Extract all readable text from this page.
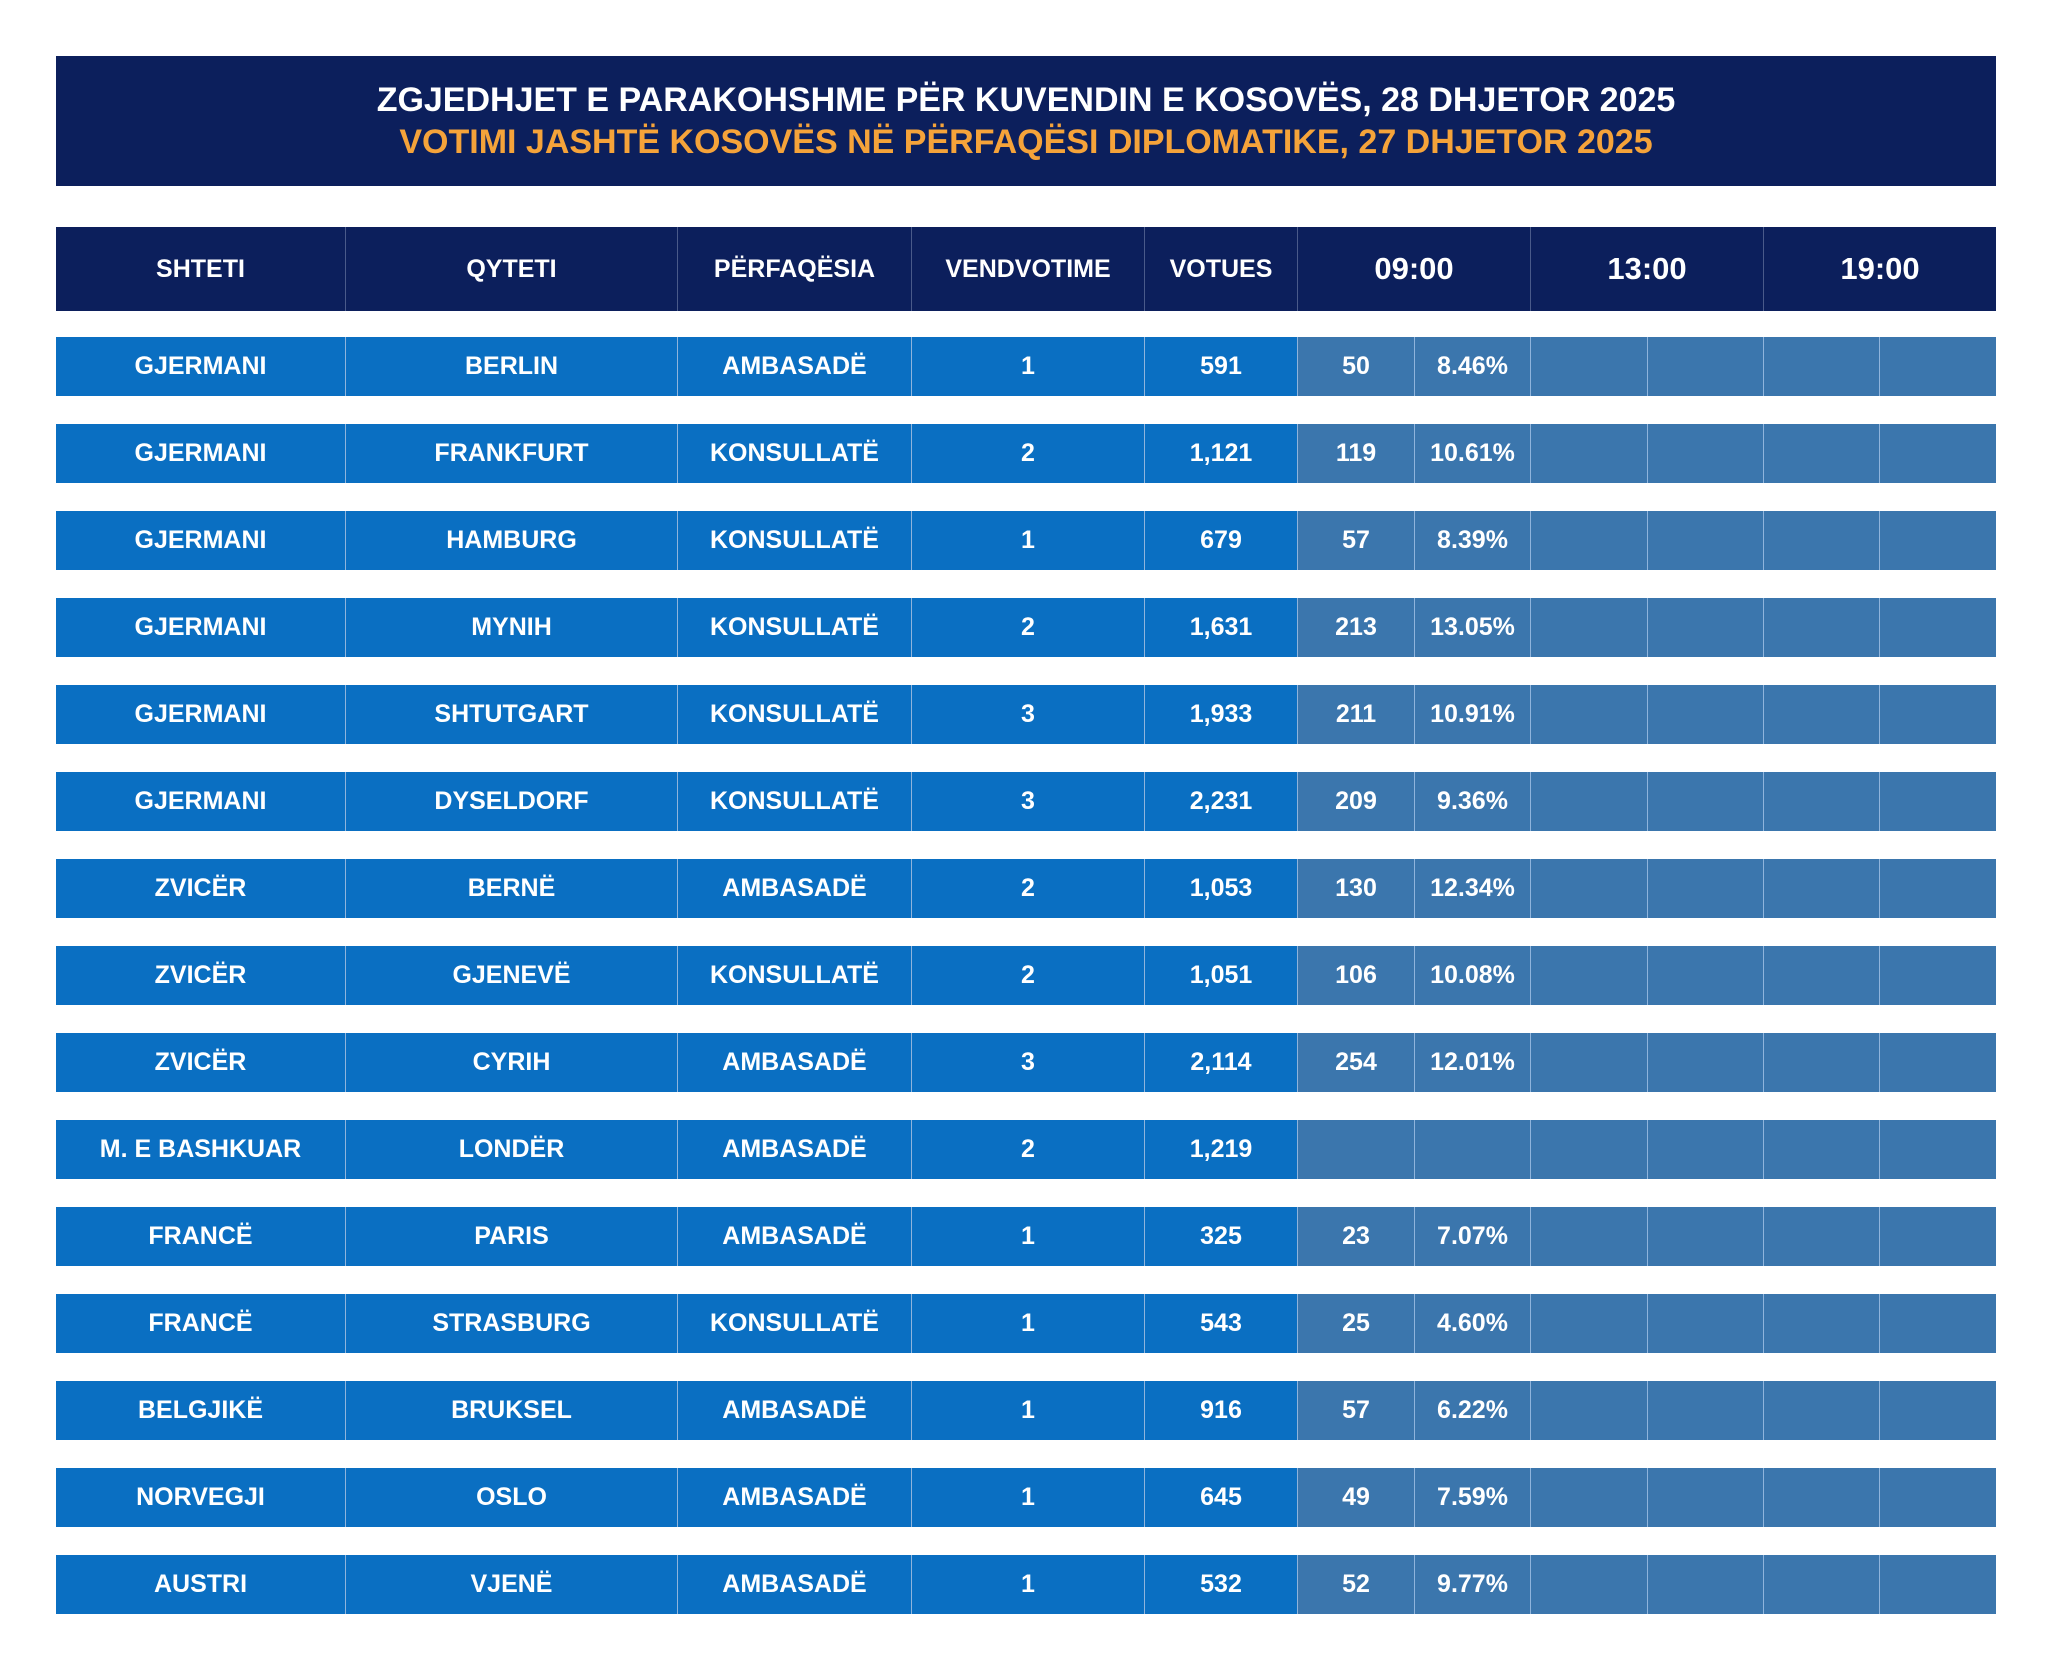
ZGJEDHJET E PARAKOHSHME PËR KUVENDIN E KOSOVËS, 28 DHJETOR 2025
VOTIMI JASHTË KOSOVËS NË PËRFAQËSI DIPLOMATIKE, 27 DHJETOR 2025
SHTETI	QYTETI	PËRFAQËSIA	VENDVOTIME	VOTUES	09:00	13:00	19:00
GJERMANI	BERLIN	AMBASADË	1	591	50	8.46%
GJERMANI	FRANKFURT	KONSULLATË	2	1,121	119	10.61%
GJERMANI	HAMBURG	KONSULLATË	1	679	57	8.39%
GJERMANI	MYNIH	KONSULLATË	2	1,631	213	13.05%
GJERMANI	SHTUTGART	KONSULLATË	3	1,933	211	10.91%
GJERMANI	DYSELDORF	KONSULLATË	3	2,231	209	9.36%
ZVICËR	BERNË	AMBASADË	2	1,053	130	12.34%
ZVICËR	GJENEVË	KONSULLATË	2	1,051	106	10.08%
ZVICËR	CYRIH	AMBASADË	3	2,114	254	12.01%
M. E BASHKUAR	LONDËR	AMBASADË	2	1,219
FRANCË	PARIS	AMBASADË	1	325	23	7.07%
FRANCË	STRASBURG	KONSULLATË	1	543	25	4.60%
BELGJIKË	BRUKSEL	AMBASADË	1	916	57	6.22%
NORVEGJI	OSLO	AMBASADË	1	645	49	7.59%
AUSTRI	VJENË	AMBASADË	1	532	52	9.77%
